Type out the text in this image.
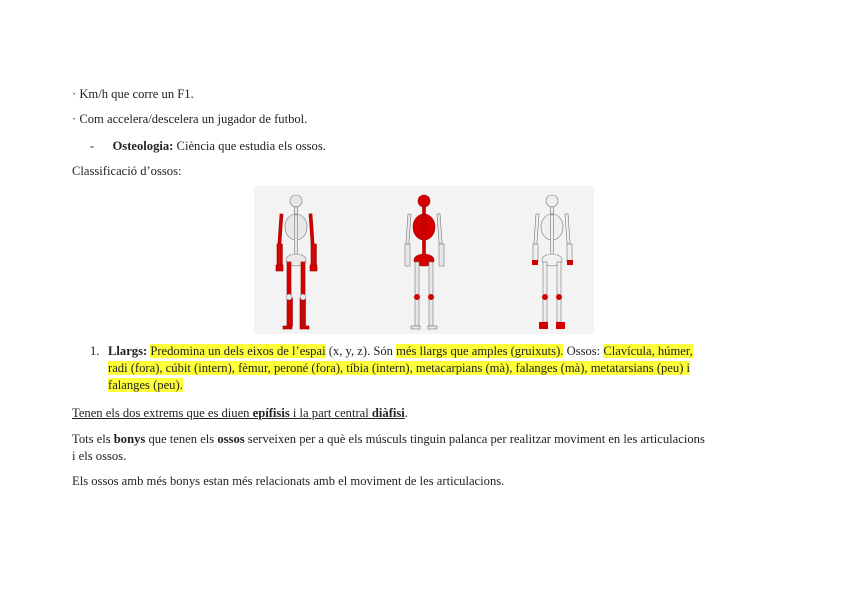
· Km/h que corre un F1.
· Com accelera/descelera un jugador de futbol.
- Osteologia: Ciència que estudia els ossos.
Classificació d’ossos:
1. Llargs: Predomina un dels eixos de l’espai (x, y, z). Són més llargs que amples (gruixuts). Ossos: Clavícula, húmer,
radi (fora), cúbit (intern), fèmur, peroné (fora), tíbia (intern), metacarpians (mà), falanges (mà), metatarsians (peu) i
falanges (peu).
Tenen els dos extrems que es diuen epífisis i la part central diàfisi.
Tots els bonys que tenen els ossos serveixen per a què els músculs tinguin palanca per realitzar moviment en les articulacions
i els ossos.
Els ossos amb més bonys estan més relacionats amb el moviment de les articulacions.
